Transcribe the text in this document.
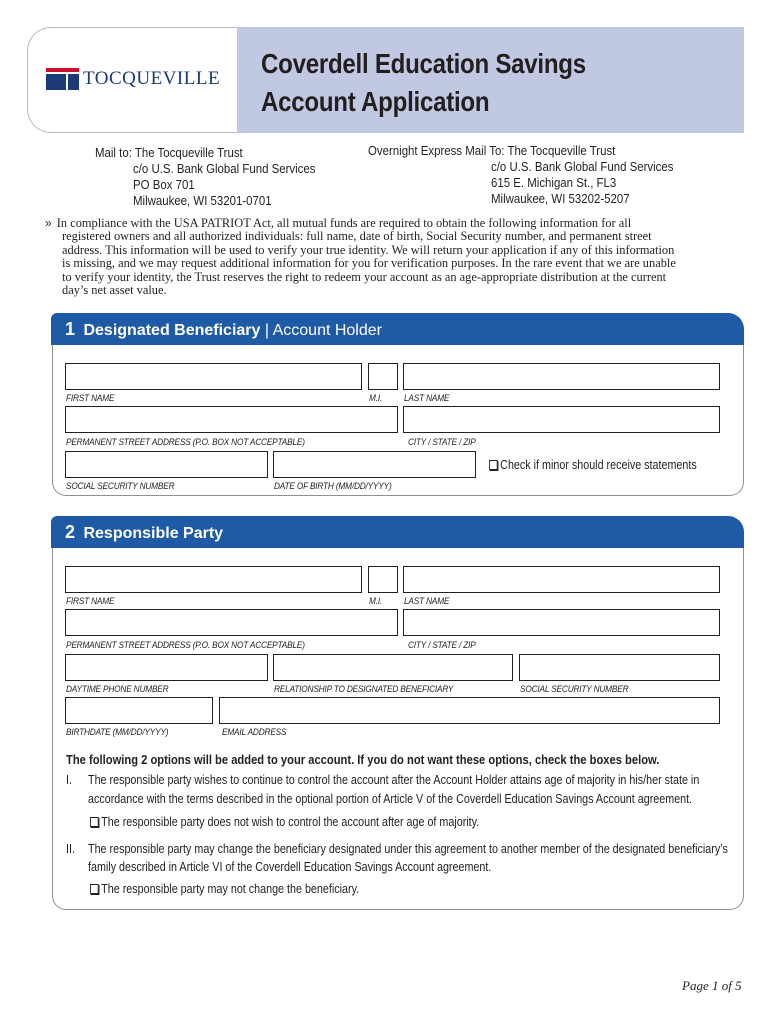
TOCQUEVILLE Coverdell Education Savings
Account Application
Mail to: The Tocqueville Trust
c/o U.S. Bank Global Fund Services
PO Box 701
Milwaukee, WI 53201-0701
Overnight Express Mail To: The Tocqueville Trust
c/o U.S. Bank Global Fund Services
615 E. Michigan St., FL3
Milwaukee, WI 53202-5207
» In compliance with the USA PATRIOT Act, all mutual funds are required to obtain the following information for all
registered owners and all authorized individuals: full name, date of birth, Social Security number, and permanent street
address. This information will be used to verify your true identity. We will return your application if any of this information
is missing, and we may request additional information for you for verification purposes. In the rare event that we are unable
to verify your identity, the Trust reserves the right to redeem your account as an age-appropriate distribution at the current
day’s net asset value.
1 Designated Beneficiary | Account Holder
FIRST NAME	M.I. LAST NAME
PERMANENT STREET ADDRESS (P.O. BOX NOT ACCEPTABLE)	CITY / STATE / ZIP
SOCIAL SECURITY NUMBER	DATE OF BIRTH (MM/DD/YYYY)
Check if minor should receive statements
2 Responsible Party
FIRST NAME	M.I. LAST NAME
PERMANENT STREET ADDRESS (P.O. BOX NOT ACCEPTABLE)	CITY / STATE / ZIP
DAYTIME PHONE NUMBER	RELATIONSHIP TO DESIGNATED BENEFICIARY	SOCIAL SECURITY NUMBER
BIRTHDATE (MM/DD/YYYY)	EMAIL ADDRESS
The following 2 options will be added to your account. If you do not want these options, check the boxes below.
I. The responsible party wishes to continue to control the account after the Account Holder attains age of majority in his/her state in
accordance with the terms described in the optional portion of Article V of the Coverdell Education Savings Account agreement.
The responsible party does not wish to control the account after age of majority.
II. The responsible party may change the beneficiary designated under this agreement to another member of the designated beneficiary’s
family described in Article VI of the Coverdell Education Savings Account agreement.
The responsible party may not change the beneficiary.
Page 1 of 5
